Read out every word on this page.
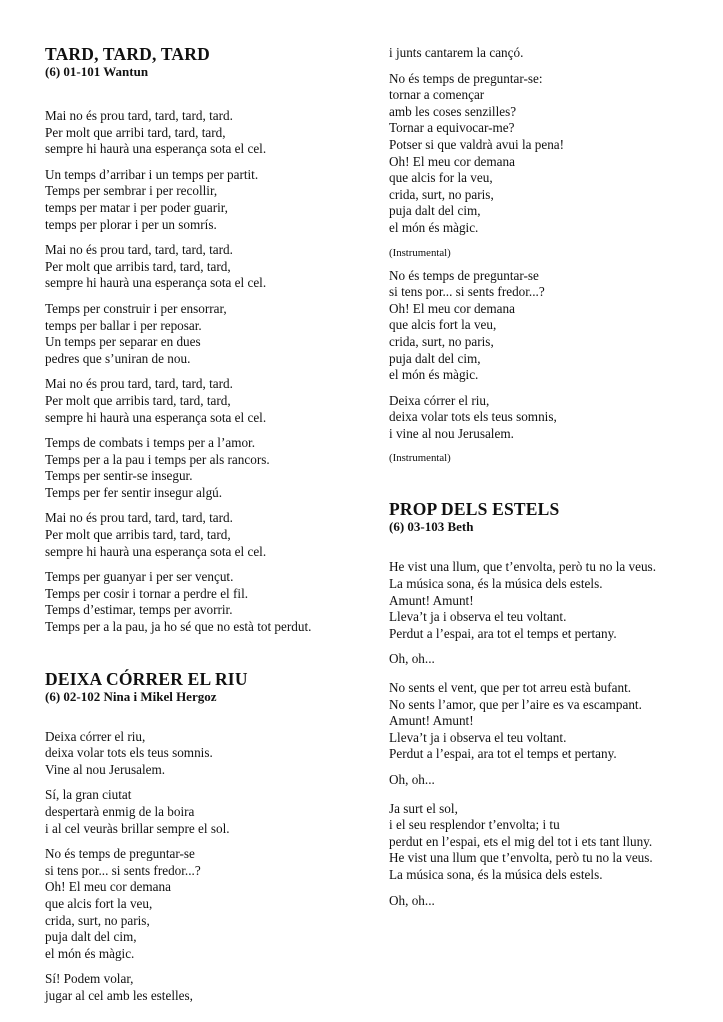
TARD, TARD, TARD
(6) 01-101 Wantun
Mai no és prou tard, tard, tard, tard.
Per molt que arribi tard, tard, tard,
sempre hi haurà una esperança sota el cel.
Un temps d’arribar i un temps per partit.
Temps per sembrar i per recollir,
temps per matar i per poder guarir,
temps per plorar i per un somrís.
Mai no és prou tard, tard, tard, tard.
Per molt que arribis tard, tard, tard,
sempre hi haurà una esperança sota el cel.
Temps per construir i per ensorrar,
temps per ballar i per reposar.
Un temps per separar en dues
pedres que s’uniran de nou.
Mai no és prou tard, tard, tard, tard.
Per molt que arribis tard, tard, tard,
sempre hi haurà una esperança sota el cel.
Temps de combats i temps per a l’amor.
Temps per a la pau i temps per als rancors.
Temps per sentir-se insegur.
Temps per fer sentir insegur algú.
Mai no és prou tard, tard, tard, tard.
Per molt que arribis tard, tard, tard,
sempre hi haurà una esperança sota el cel.
Temps per guanyar i per ser vençut.
Temps per cosir i tornar a perdre el fil.
Temps d’estimar, temps per avorrir.
Temps per a la pau, ja ho sé que no està tot perdut.
DEIXA CÓRRER EL RIU
(6) 02-102 Nina i Mikel Hergoz
Deixa córrer el riu,
deixa volar tots els teus somnis.
Vine al nou Jerusalem.
Sí, la gran ciutat
despertarà enmig de la boira
i al cel veuràs brillar sempre el sol.
No és temps de preguntar-se
si tens por... si sents fredor...?
Oh! El meu cor demana
que alcis fort la veu,
crida, surt, no paris,
puja dalt del cim,
el món és màgic.
Sí! Podem volar,
jugar al cel amb les estelles,
i junts cantarem la cançó.
No és temps de preguntar-se:
tornar a començar
amb les coses senzilles?
Tornar a equivocar-me?
Potser si que valdrà avui la pena!
Oh! El meu cor demana
que alcis for la veu,
crida, surt, no paris,
puja dalt del cim,
el món és màgic.
(Instrumental)
No és temps de preguntar-se
si tens por... si sents fredor...?
Oh! El meu cor demana
que alcis fort la veu,
crida, surt, no paris,
puja dalt del cim,
el món és màgic.
Deixa córrer el riu,
deixa volar tots els teus somnis,
i vine al nou Jerusalem.
(Instrumental)
PROP DELS ESTELS
(6) 03-103 Beth
He vist una llum, que t’envolta, però tu no la veus.
La música sona, és la música dels estels.
Amunt! Amunt!
Lleva’t ja i observa el teu voltant.
Perdut a l’espai, ara tot el temps et pertany.
Oh, oh...
No sents el vent, que per tot arreu està bufant.
No sents l’amor, que per l’aire es va escampant.
Amunt! Amunt!
Lleva’t ja i observa el teu voltant.
Perdut a l’espai, ara tot el temps et pertany.
Oh, oh...
Ja surt el sol,
i el seu resplendor t’envolta; i tu
perdut en l’espai, ets el mig del tot i ets tant lluny.
He vist una llum que t’envolta, però tu no la veus.
La música sona, és la música dels estels.
Oh, oh...
